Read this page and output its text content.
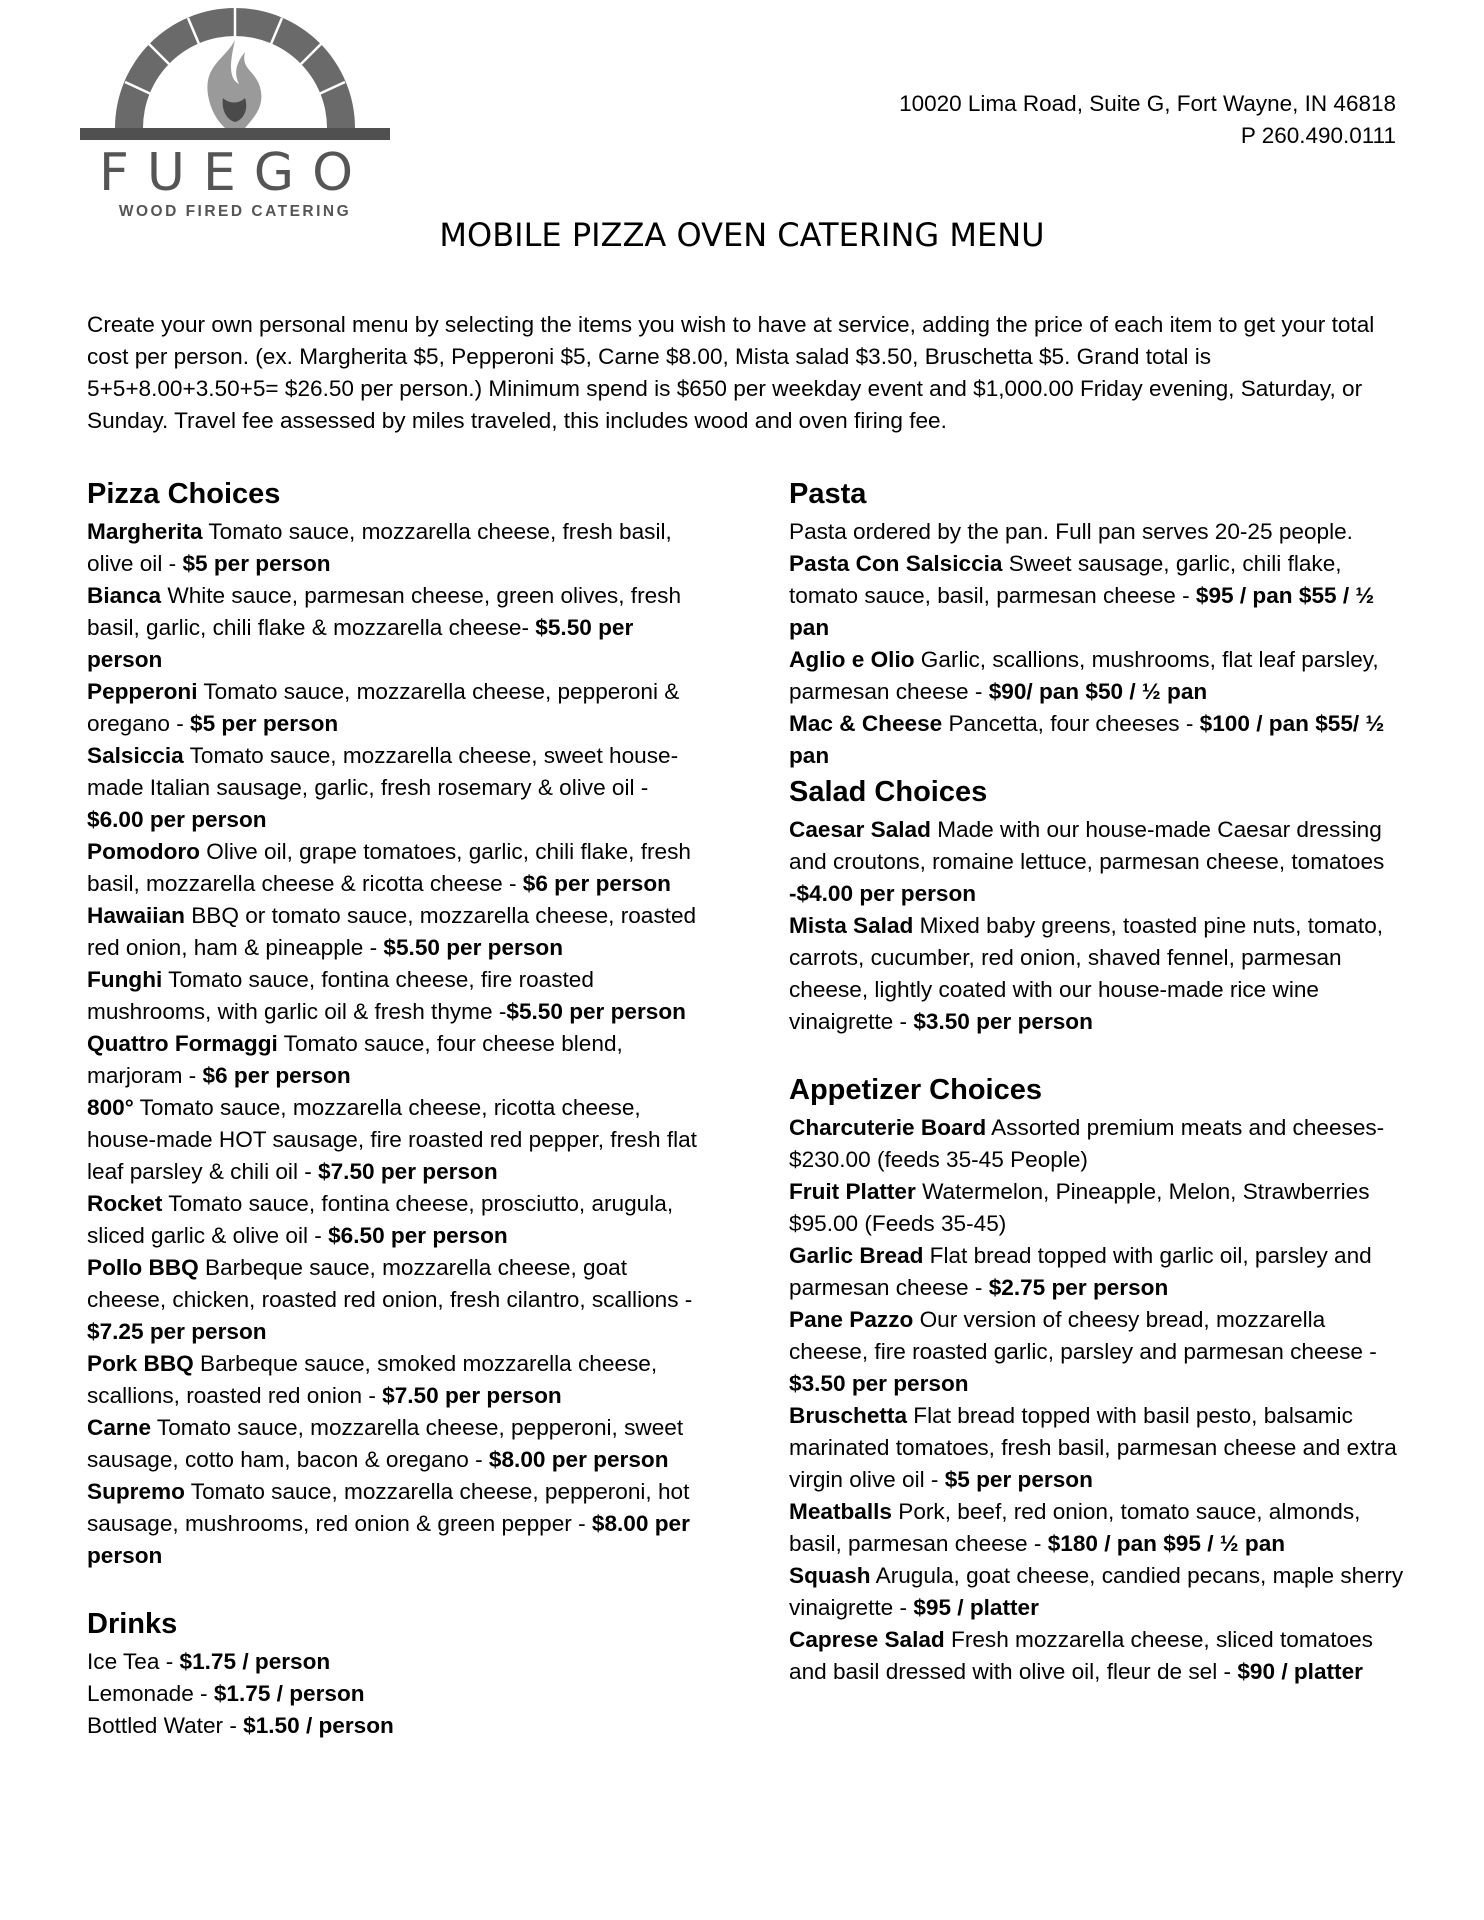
FUEGO
WOOD FIRED CATERING
10020 Lima Road, Suite G, Fort Wayne, IN 46818
P 260.490.0111
MOBILE PIZZA OVEN CATERING MENU
Create your own personal menu by selecting the items you wish to have at service, adding the price of each item to get your total cost per person. (ex. Margherita $5, Pepperoni $5, Carne $8.00, Mista salad $3.50, Bruschetta $5. Grand total is 5+5+8.00+3.50+5= $26.50 per person.) Minimum spend is $650 per weekday event and $1,000.00 Friday evening, Saturday, or Sunday. Travel fee assessed by miles traveled, this includes wood and oven firing fee.
Pizza Choices

Margherita Tomato sauce, mozzarella cheese, fresh basil, olive oil - $5 per person

Bianca White sauce, parmesan cheese, green olives, fresh basil, garlic, chili flake & mozzarella cheese- $5.50 per person

Pepperoni Tomato sauce, mozzarella cheese, pepperoni & oregano - $5 per person

Salsiccia Tomato sauce, mozzarella cheese, sweet house-made Italian sausage, garlic, fresh rosemary & olive oil - $6.00 per person

Pomodoro Olive oil, grape tomatoes, garlic, chili flake, fresh basil, mozzarella cheese & ricotta cheese - $6 per person

Hawaiian BBQ or tomato sauce, mozzarella cheese, roasted red onion, ham & pineapple - $5.50 per person

Funghi Tomato sauce, fontina cheese, fire roasted mushrooms, with garlic oil & fresh thyme -$5.50 per person

Quattro Formaggi Tomato sauce, four cheese blend, marjoram - $6 per person

800° Tomato sauce, mozzarella cheese, ricotta cheese, house-made HOT sausage, fire roasted red pepper, fresh flat leaf parsley & chili oil - $7.50 per person

Rocket Tomato sauce, fontina cheese, prosciutto, arugula, sliced garlic & olive oil - $6.50 per person

Pollo BBQ Barbeque sauce, mozzarella cheese, goat cheese, chicken, roasted red onion, fresh cilantro, scallions - $7.25 per person

Pork BBQ Barbeque sauce, smoked mozzarella cheese, scallions, roasted red onion - $7.50 per person

Carne Tomato sauce, mozzarella cheese, pepperoni, sweet sausage, cotto ham, bacon & oregano - $8.00 per person

Supremo Tomato sauce, mozzarella cheese, pepperoni, hot sausage, mushrooms, red onion & green pepper - $8.00 per person

Drinks

Ice Tea - $1.75 / person

Lemonade - $1.75 / person

Bottled Water - $1.50 / person

Pasta

Pasta ordered by the pan. Full pan serves 20-25 people.

Pasta Con Salsiccia Sweet sausage, garlic, chili flake, tomato sauce, basil, parmesan cheese - $95 / pan $55 / ½ pan

Aglio e Olio Garlic, scallions, mushrooms, flat leaf parsley, parmesan cheese - $90/ pan $50 / ½ pan

Mac & Cheese Pancetta, four cheeses - $100 / pan $55/ ½ pan

Salad Choices

Caesar Salad Made with our house-made Caesar dressing and croutons, romaine lettuce, parmesan cheese, tomatoes -$4.00 per person

Mista Salad Mixed baby greens, toasted pine nuts, tomato, carrots, cucumber, red onion, shaved fennel, parmesan cheese, lightly coated with our house-made rice wine vinaigrette - $3.50 per person

Appetizer Choices

Charcuterie Board Assorted premium meats and cheeses- $230.00 (feeds 35-45 People)

Fruit Platter Watermelon, Pineapple, Melon, Strawberries $95.00 (Feeds 35-45)

Garlic Bread Flat bread topped with garlic oil, parsley and parmesan cheese - $2.75 per person

Pane Pazzo Our version of cheesy bread, mozzarella cheese, fire roasted garlic, parsley and parmesan cheese - $3.50 per person

Bruschetta Flat bread topped with basil pesto, balsamic marinated tomatoes, fresh basil, parmesan cheese and extra virgin olive oil - $5 per person

Meatballs Pork, beef, red onion, tomato sauce, almonds, basil, parmesan cheese - $180 / pan $95 / ½ pan

Squash Arugula, goat cheese, candied pecans, maple sherry vinaigrette - $95 / platter

Caprese Salad Fresh mozzarella cheese, sliced tomatoes and basil dressed with olive oil, fleur de sel - $90 / platter
